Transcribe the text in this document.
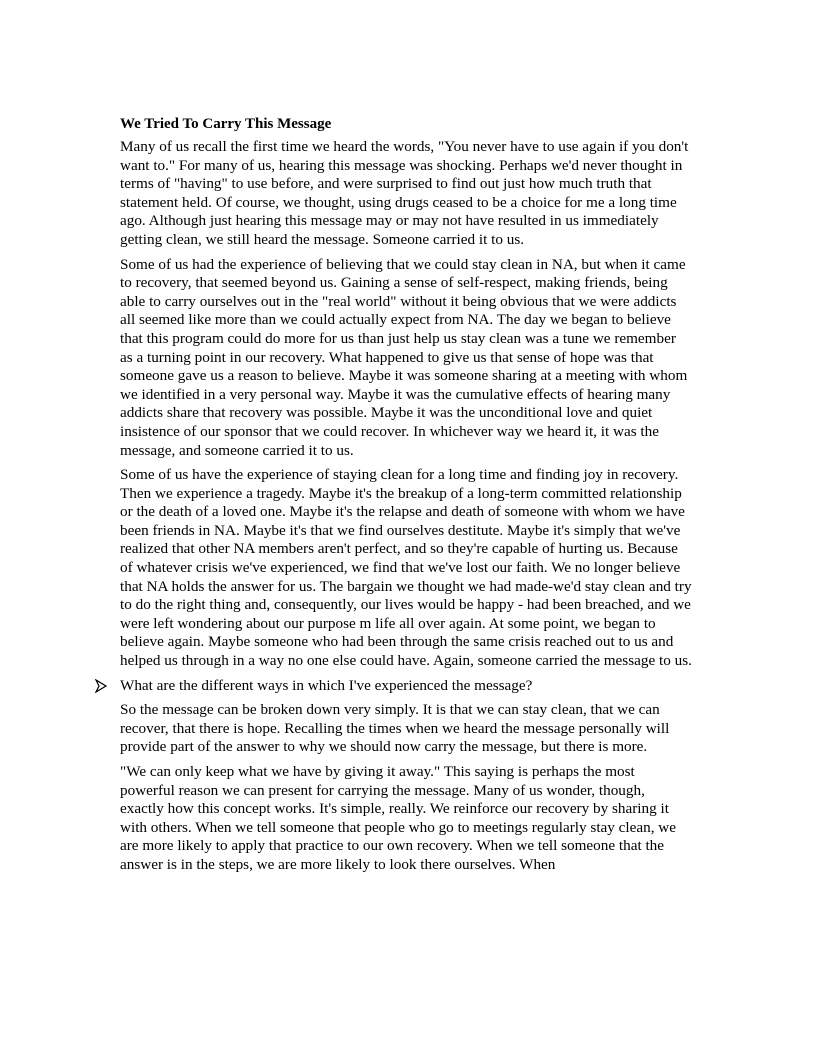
We Tried To Carry This Message

Many of us recall the first time we heard the words, "You never have to use again if you don't want to." For many of us, hearing this message was shocking. Perhaps we'd never thought in terms of "having" to use before, and were surprised to find out just how much truth that statement held. Of course, we thought, using drugs ceased to be a choice for me a long time ago. Although just hearing this message may or may not have resulted in us immediately getting clean, we still heard the message. Someone carried it to us.

Some of us had the experience of believing that we could stay clean in NA, but when it came to recovery, that seemed beyond us. Gaining a sense of self-respect, making friends, being able to carry ourselves out in the "real world" without it being obvious that we were addicts all seemed like more than we could actually expect from NA. The day we began to believe that this program could do more for us than just help us stay clean was a tune we remember as a turning point in our recovery. What happened to give us that sense of hope was that someone gave us a reason to believe. Maybe it was someone sharing at a meeting with whom we identified in a very personal way. Maybe it was the cumulative effects of hearing many addicts share that recovery was possible. Maybe it was the unconditional love and quiet insistence of our sponsor that we could recover. In whichever way we heard it, it was the message, and someone carried it to us.

Some of us have the experience of staying clean for a long time and finding joy in recovery. Then we experience a tragedy. Maybe it's the breakup of a long-term committed relationship or the death of a loved one. Maybe it's the relapse and death of someone with whom we have been friends in NA. Maybe it's that we find ourselves destitute. Maybe it's simply that we've realized that other NA members aren't perfect, and so they're capable of hurting us. Because of whatever crisis we've experienced, we find that we've lost our faith. We no longer believe that NA holds the answer for us. The bargain we thought we had made-we'd stay clean and try to do the right thing and, consequently, our lives would be happy - had been breached, and we were left wondering about our purpose m life all over again. At some point, we began to believe again. Maybe someone who had been through the same crisis reached out to us and helped us through in a way no one else could have. Again, someone carried the message to us.

What are the different ways in which I've experienced the message?

So the message can be broken down very simply. It is that we can stay clean, that we can recover, that there is hope. Recalling the times when we heard the message personally will provide part of the answer to why we should now carry the message, but there is more.

"We can only keep what we have by giving it away." This saying is perhaps the most powerful reason we can present for carrying the message. Many of us wonder, though, exactly how this concept works. It's simple, really. We reinforce our recovery by sharing it with others. When we tell someone that people who go to meetings regularly stay clean, we are more likely to apply that practice to our own recovery. When we tell someone that the answer is in the steps, we are more likely to look there ourselves. When
